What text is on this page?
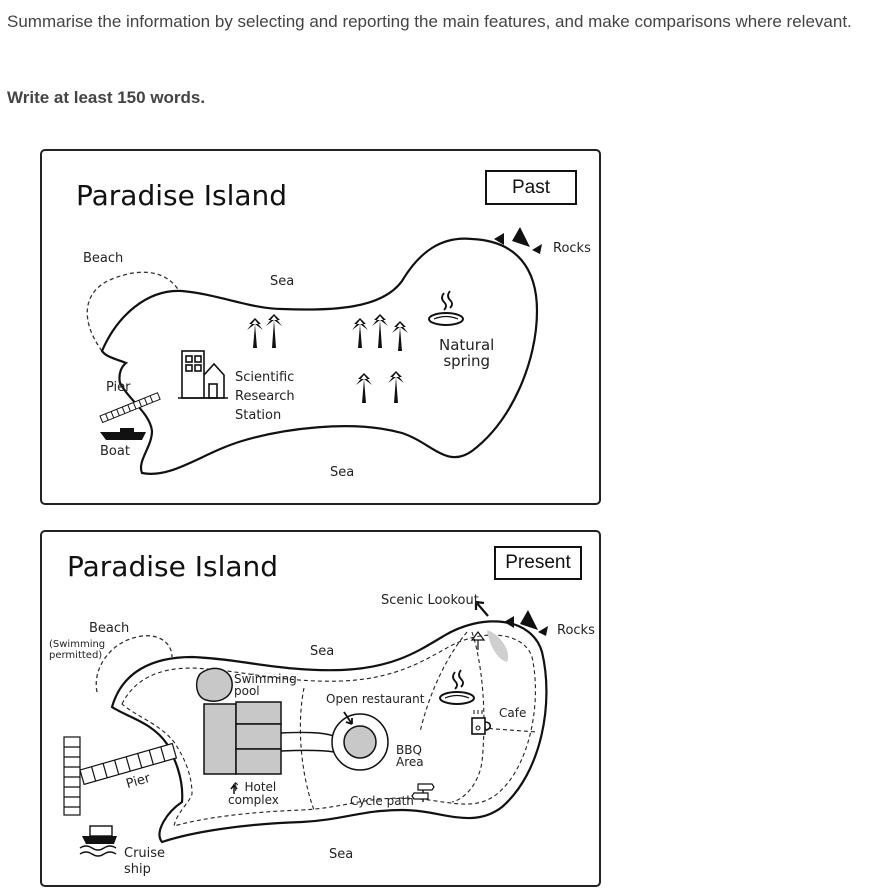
Summarise the information by selecting and reporting the main features, and make comparisons where relevant.
Write at least 150 words.
Paradise Island	Past
Beach
Sea
Sea
Rocks
Pier
Boat
Scientific
Research
Station
Natural
spring
Paradise Island	Present
Scenic Lookout
Rocks
Beach
(Swimming
permitted)	Sea
Sea
Swimming
pool
Open restaurant
Cafe
BBQ
Area
↑ Hotel
complex	Cycle path
Pier
Cruise
ship
